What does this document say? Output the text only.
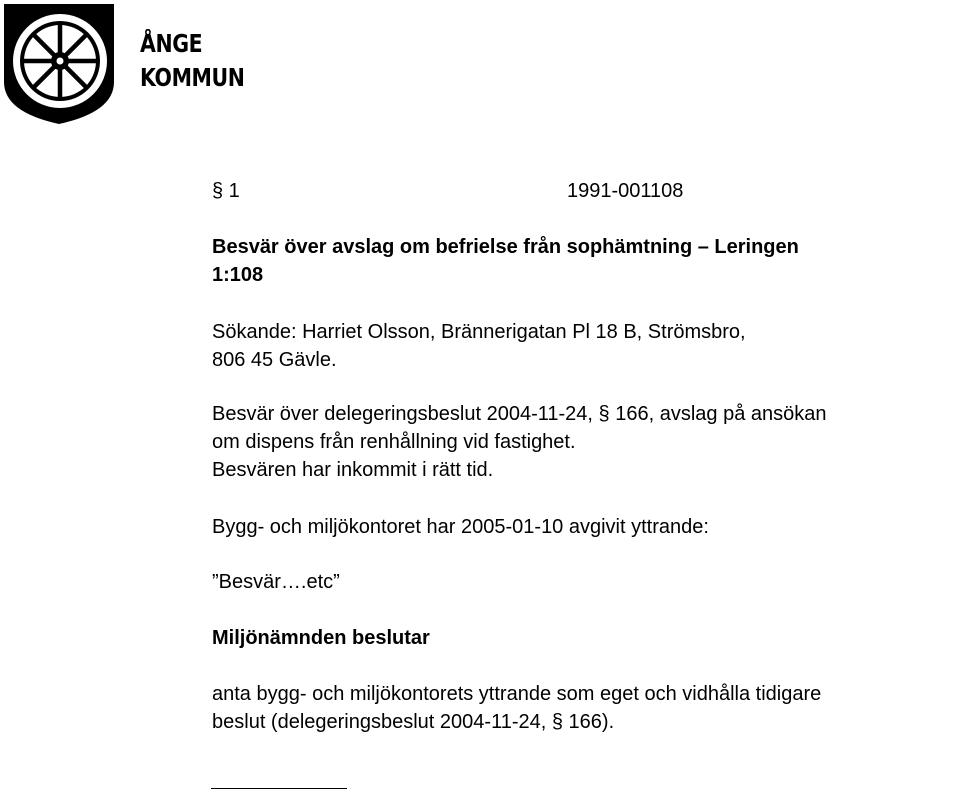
ÅNGE
KOMMUN
§ 1	1991-001108
Besvär över avslag om befrielse från sophämtning – Leringen
1:108
Sökande: Harriet Olsson, Brännerigatan Pl 18 B, Strömsbro,
806 45 Gävle.
Besvär över delegeringsbeslut 2004-11-24, § 166, avslag på ansökan
om dispens från renhållning vid fastighet.
Besvären har inkommit i rätt tid.
Bygg- och miljökontoret har 2005-01-10 avgivit yttrande:
”Besvär….etc”
Miljönämnden beslutar
anta bygg- och miljökontorets yttrande som eget och vidhålla tidigare
beslut (delegeringsbeslut 2004-11-24, § 166).
